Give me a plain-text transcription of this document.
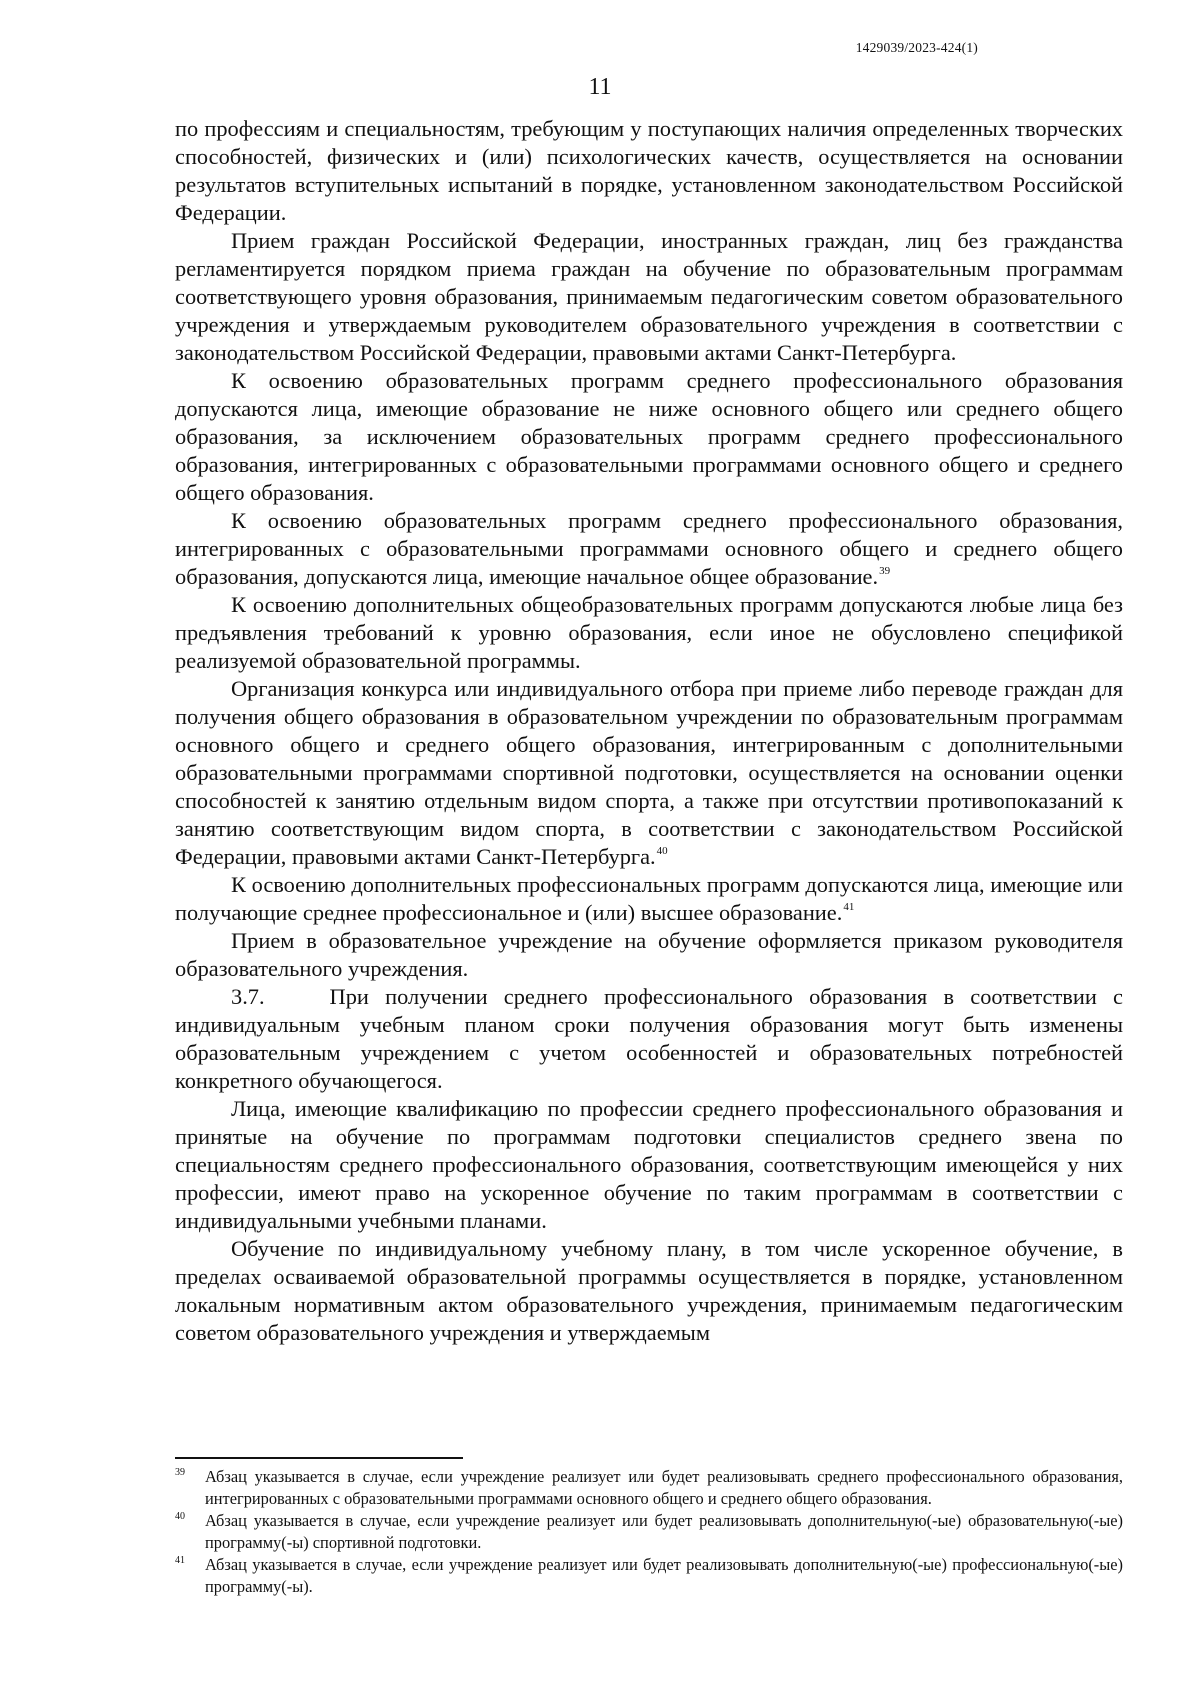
1429039/2023-424(1)
11

по профессиям и специальностям, требующим у поступающих наличия определенных творческих способностей, физических и (или) психологических качеств, осуществляется на основании результатов вступительных испытаний в порядке, установленном законодательством Российской Федерации.

Прием граждан Российской Федерации, иностранных граждан, лиц без гражданства регламентируется порядком приема граждан на обучение по образовательным программам соответствующего уровня образования, принимаемым педагогическим советом образовательного учреждения и утверждаемым руководителем образовательного учреждения в соответствии с законодательством Российской Федерации, правовыми актами Санкт-Петербурга.

К освоению образовательных программ среднего профессионального образования допускаются лица, имеющие образование не ниже основного общего или среднего общего образования, за исключением образовательных программ среднего профессионального образования, интегрированных с образовательными программами основного общего и среднего общего образования.

К освоению образовательных программ среднего профессионального образования, интегрированных с образовательными программами основного общего и среднего общего образования, допускаются лица, имеющие начальное общее образование.$^{39}$

К освоению дополнительных общеобразовательных программ допускаются любые лица без предъявления требований к уровню образования, если иное не обусловлено спецификой реализуемой образовательной программы.

Организация конкурса или индивидуального отбора при приеме либо переводе граждан для получения общего образования в образовательном учреждении по образовательным программам основного общего и среднего общего образования, интегрированным с дополнительными образовательными программами спортивной подготовки, осуществляется на основании оценки способностей к занятию отдельным видом спорта, а также при отсутствии противопоказаний к занятию соответствующим видом спорта, в соответствии с законодательством Российской Федерации, правовыми актами Санкт-Петербурга.$^{40}$

К освоению дополнительных профессиональных программ допускаются лица, имеющие или получающие среднее профессиональное и (или) высшее образование.$^{41}$

Прием в образовательное учреждение на обучение оформляется приказом руководителя образовательного учреждения.

3.7.    При получении среднего профессионального образования в соответствии с индивидуальным учебным планом сроки получения образования могут быть изменены образовательным учреждением с учетом особенностей и образовательных потребностей конкретного обучающегося.

Лица, имеющие квалификацию по профессии среднего профессионального образования и принятые на обучение по программам подготовки специалистов среднего звена по специальностям среднего профессионального образования, соответствующим имеющейся у них профессии, имеют право на ускоренное обучение по таким программам в соответствии с индивидуальными учебными планами.

Обучение по индивидуальному учебному плану, в том числе ускоренное обучение, в пределах осваиваемой образовательной программы осуществляется в порядке, установленном локальным нормативным актом образовательного учреждения, принимаемым педагогическим советом образовательного учреждения и утверждаемым

39 Абзац указывается в случае, если учреждение реализует или будет реализовывать среднего профессионального образования, интегрированных с образовательными программами основного общего и среднего общего образования.
40 Абзац указывается в случае, если учреждение реализует или будет реализовывать дополнительную(-ые) образовательную(-ые) программу(-ы) спортивной подготовки.
41 Абзац указывается в случае, если учреждение реализует или будет реализовывать дополнительную(-ые) профессиональную(-ые) программу(-ы).
